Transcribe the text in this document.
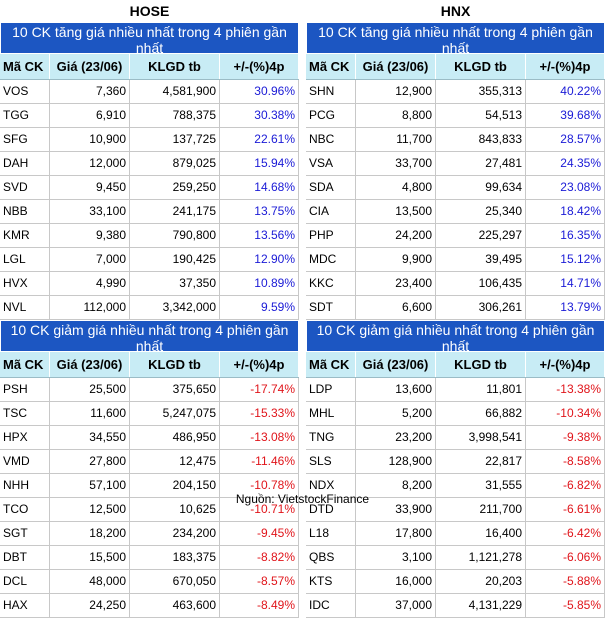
HOSE
10 CK tăng giá nhiều nhất trong 4 phiên gần nhất
Mã CK	Giá (23/06)	KLGD tb	+/-(%)4p
VOS	7,360	4,581,900	30.96%
TGG	6,910	788,375	30.38%
SFG	10,900	137,725	22.61%
DAH	12,000	879,025	15.94%
SVD	9,450	259,250	14.68%
NBB	33,100	241,175	13.75%
KMR	9,380	790,800	13.56%
LGL	7,000	190,425	12.90%
HVX	4,990	37,350	10.89%
NVL	112,000	3,342,000	9.59%
10 CK giảm giá nhiều nhất trong 4 phiên gần nhất
Mã CK	Giá (23/06)	KLGD tb	+/-(%)4p
PSH	25,500	375,650	-17.74%
TSC	11,600	5,247,075	-15.33%
HPX	34,550	486,950	-13.08%
VMD	27,800	12,475	-11.46%
NHH	57,100	204,150	-10.78%
TCO	12,500	10,625	-10.71%
SGT	18,200	234,200	-9.45%
DBT	15,500	183,375	-8.82%
DCL	48,000	670,050	-8.57%
HAX	24,250	463,600	-8.49%
HNX
10 CK tăng giá nhiều nhất trong 4 phiên gần nhất
Mã CK	Giá (23/06)	KLGD tb	+/-(%)4p
SHN	12,900	355,313	40.22%
PCG	8,800	54,513	39.68%
NBC	11,700	843,833	28.57%
VSA	33,700	27,481	24.35%
SDA	4,800	99,634	23.08%
CIA	13,500	25,340	18.42%
PHP	24,200	225,297	16.35%
MDC	9,900	39,495	15.12%
KKC	23,400	106,435	14.71%
SDT	6,600	306,261	13.79%
10 CK giảm giá nhiều nhất trong 4 phiên gần nhất
Mã CK	Giá (23/06)	KLGD tb	+/-(%)4p
LDP	13,600	11,801	-13.38%
MHL	5,200	66,882	-10.34%
TNG	23,200	3,998,541	-9.38%
SLS	128,900	22,817	-8.58%
NDX	8,200	31,555	-6.82%
DTD	33,900	211,700	-6.61%
L18	17,800	16,400	-6.42%
QBS	3,100	1,121,278	-6.06%
KTS	16,000	20,203	-5.88%
IDC	37,000	4,131,229	-5.85%
Nguồn: VietstockFinance
